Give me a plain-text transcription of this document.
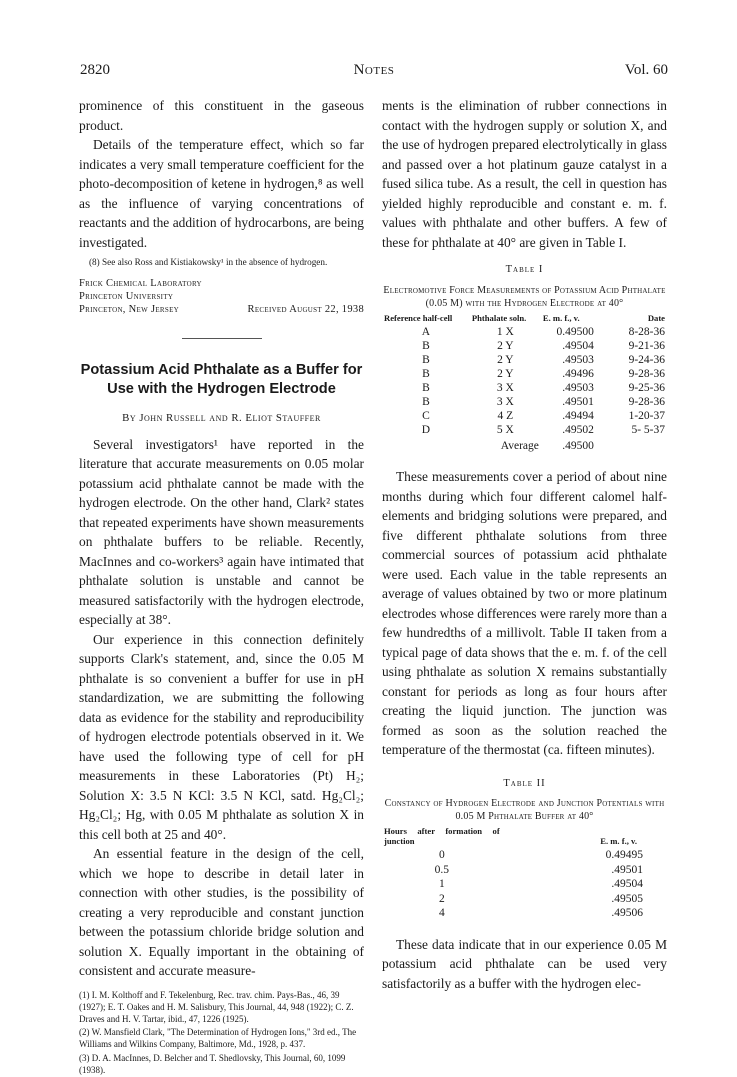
2820	Notes	Vol. 60

prominence of this constituent in the gaseous product.

Details of the temperature effect, which so far indicates a very small temperature coefficient for the photo-decomposition of ketene in hydrogen,⁸ as well as the influence of varying concentrations of reactants and the addition of hydrocarbons, are being investigated.

(8) See also Ross and Kistiakowsky¹ in the absence of hydrogen.

Frick Chemical Laboratory
Princeton University
Princeton, New Jersey	Received August 22, 1938
Potassium Acid Phthalate as a Buffer for Use with the Hydrogen Electrode
By John Russell and R. Eliot Stauffer

Several investigators¹ have reported in the literature that accurate measurements on 0.05 molar potassium acid phthalate cannot be made with the hydrogen electrode. On the other hand, Clark² states that repeated experiments have shown measurements on phthalate buffers to be reliable. Recently, MacInnes and co-workers³ again have intimated that phthalate solution is unstable and cannot be measured satisfactorily with the hydrogen electrode, especially at 38°.

Our experience in this connection definitely supports Clark's statement, and, since the 0.05 M phthalate is so convenient a buffer for use in pH standardization, we are submitting the following data as evidence for the stability and reproducibility of hydrogen electrode potentials observed in it. We have used the following type of cell for pH measurements in these Laboratories (Pt) H₂; Solution X: 3.5 N KCl: 3.5 N KCl, satd. Hg₂Cl₂; Hg₂Cl₂; Hg, with 0.05 M phthalate as solution X in this cell both at 25 and 40°.

An essential feature in the design of the cell, which we hope to describe in detail later in connection with other studies, is the possibility of creating a very reproducible and constant junction between the potassium chloride bridge solution and solution X. Equally important in the obtaining of consistent and accurate measure-

(1) I. M. Kolthoff and F. Tekelenburg, Rec. trav. chim. Pays-Bas., 46, 39 (1927); E. T. Oakes and H. M. Salisbury, This Journal, 44, 948 (1922); C. Z. Draves and H. V. Tartar, ibid., 47, 1226 (1925).
(2) W. Mansfield Clark, "The Determination of Hydrogen Ions," 3rd ed., The Williams and Wilkins Company, Baltimore, Md., 1928, p. 437.
(3) D. A. MacInnes, D. Belcher and T. Shedlovsky, This Journal, 60, 1099 (1938).

ments is the elimination of rubber connections in contact with the hydrogen supply or solution X, and the use of hydrogen prepared electrolytically in glass and passed over a hot platinum gauze catalyst in a fused silica tube. As a result, the cell in question has yielded highly reproducible and constant e. m. f. values with phthalate and other buffers. A few of these for phthalate at 40° are given in Table I.

Table I
Electromotive Force Measurements of Potassium Acid Phthalate (0.05 M) with the Hydrogen Electrode at 40°
Reference half-cell	Phthalate soln.	E. m. f., v.	Date
A	1 X	0.49500	8-28-36
B	2 Y	.49504	9-21-36
B	2 Y	.49503	9-24-36
B	2 Y	.49496	9-28-36
B	3 X	.49503	9-25-36
B	3 X	.49501	9-28-36
C	4 Z	.49494	1-20-37
D	5 X	.49502	5- 5-37
	Average	.49500	

These measurements cover a period of about nine months during which four different calomel half-elements and bridging solutions were prepared, and five different phthalate solutions from three commercial sources of potassium acid phthalate were used. Each value in the table represents an average of values obtained by two or more platinum electrodes whose differences were rarely more than a few hundredths of a millivolt. Table II taken from a typical page of data shows that the e. m. f. of the cell using phthalate as solution X remains substantially constant for periods as long as four hours after creating the liquid junction. The junction was formed as soon as the solution reached the temperature of the thermostat (ca. fifteen minutes).

Table II
Constancy of Hydrogen Electrode and Junction Potentials with 0.05 M Phthalate Buffer at 40°
Hours after formation of junction	E. m. f., v.
0	0.49495
0.5	.49501
1	.49504
2	.49505
4	.49506

These data indicate that in our experience 0.05 M potassium acid phthalate can be used very satisfactorily as a buffer with the hydrogen elec-
